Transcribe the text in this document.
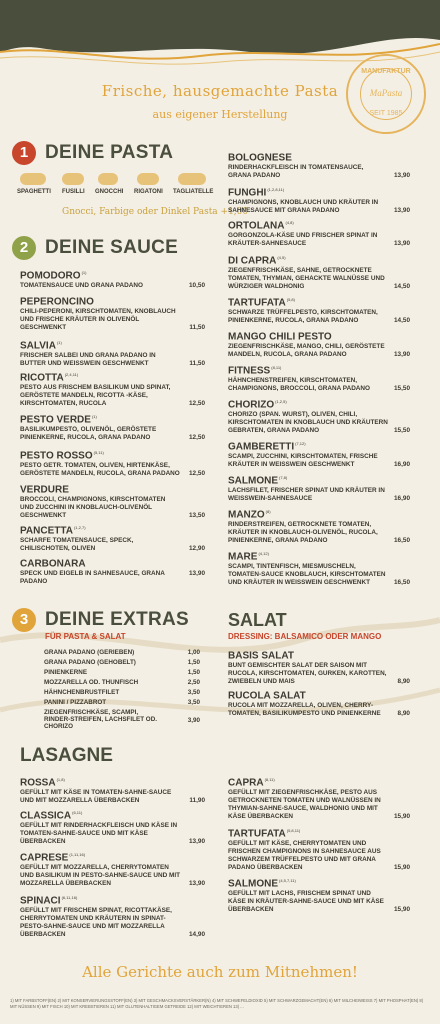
MANUFAKTUR
MaPasta
SEIT 1985
Frische, hausgemachte Pasta
aus eigener Herstellung
1 DEINE PASTA
SPAGHETTI FUSILLI GNOCCHI RIGATONI TAGLIATELLE
Gnocci, Farbige oder Dinkel Pasta +1,00
2 DEINE SAUCE
POMODORO$^{(1)}$
TOMATENSAUCE UND GRANA PADANO	10,50
PEPERONCINO
CHILI-PEPERONI, KIRSCHTOMATEN, KNOBLAUCH UND FRISCHE KRÄUTER IN OLIVENÖL GESCHWENKT	11,50
SALVIA$^{(1)}$
FRISCHER SALBEI UND GRANA PADANO IN BUTTER UND WEISSWEIN GESCHWENKT	11,50
RICOTTA$^{(2,4,11)}$
PESTO AUS FRISCHEM BASILIKUM UND SPINAT, GERÖSTETE MANDELN, RICOTTA -KÄSE, KIRSCHTOMATEN, RUCOLA	12,50
PESTO VERDE$^{(1)}$
BASILIKUMPESTO, OLIVENÖL, GERÖSTETE PINIENKERNE, RUCOLA, GRANA PADANO	12,50
PESTO ROSSO$^{(5,11)}$
PESTO GETR. TOMATEN, OLIVEN, HIRTENKÄSE, GERÖSTETE MANDELN, RUCOLA, GRANA PADANO 12,50
VERDURE
BROCCOLI, CHAMPIGNONS, KIRSCHTOMATEN UND ZUCCHINI IN KNOBLAUCH-OLIVENÖL GESCHWENKT	13,50
PANCETTA$^{(1,2,7)}$
SCHARFE TOMATENSAUCE, SPECK, CHILISCHOTEN, OLIVEN	12,90
CARBONARA
SPECK UND EIGELB IN SAHNESAUCE, GRANA PADANO
13,90
BOLOGNESE
RINDERHACKFLEISCH IN TOMATENSAUCE, GRANA PADANO	13,90
FUNGHI$^{(1,2,8,11)}$
CHAMPIGNONS, KNOBLAUCH UND KRÄUTER IN SAHNESAUCE MIT GRANA PADANO	13,90
ORTOLANA$^{(4,8)}$
GORGONZOLA-KÄSE UND FRISCHER SPINAT IN KRÄUTER-SAHNESAUCE	13,90
DI CAPRA$^{(4,5)}$
ZIEGENFRISCHKÄSE, SAHNE, GETROCKNETE TOMATEN, THYMIAN, GEHACKTE WALNÜSSE UND WÜRZIGER WALDHONIG	14,50
TARTUFATA$^{(5,8)}$
SCHWARZE TRÜFFELPESTO, KIRSCHTOMATEN, PINIENKERNE, RUCOLA, GRANA PADANO	14,50
MANGO CHILI PESTO
ZIEGENFRISCHKÄSE, MANGO, CHILI, GERÖSTETE MANDELN, RUCOLA, GRANA PADANO	13,90
FITNESS$^{(8,11)}$
HÄHNCHENSTREIFEN, KIRSCHTOMATEN, CHAMPIGNONS, BROCCOLI, GRANA PADANO	15,50
CHORIZO$^{(1,2,5)}$
CHORIZO (SPAN. WURST), OLIVEN, CHILI, KIRSCHTOMATEN IN KNOBLAUCH UND KRÄUTERN GEBRATEN, GRANA PADANO	15,50
GAMBERETTI$^{(7,12)}$
SCAMPI, ZUCCHINI, KIRSCHTOMATEN, FRISCHE KRÄUTER IN WEISSWEIN GESCHWENKT	16,90
SALMONE$^{(7,8)}$
LACHSFILET, FRISCHER SPINAT UND KRÄUTER IN WEISSWEIN-SAHNESAUCE	16,90
MANZO$^{(8)}$
RINDERSTREIFEN, GETROCKNETE TOMATEN, KRÄUTER IN KNOBLAUCH-OLIVENÖL, RUCOLA, PINIENKERNE, GRANA PADANO	16,50
MARE$^{(4,12)}$
SCAMPI, TINTENFISCH, MIESMUSCHELN, TOMATEN-SAUCE KNOBLAUCH, KIRSCHTOMATEN UND KRÄUTER IN WEISSWEIN GESCHWENKT	16,50
3 DEINE EXTRAS
FÜR PASTA & SALAT
GRANA PADANO (GERIEBEN)	1,00
GRANA PADANO (GEHOBELT)	1,50
PINIENKERNE	1,50
MOZZARELLA OD. THUNFISCH	2,50
HÄHNCHENBRUSTFILET	3,50
PANINI / PIZZABROT	3,50
ZIEGENFRISCHKÄSE, SCAMPI, RINDER-STREIFEN, LACHSFILET OD. CHORIZO
3,90
SALAT
DRESSING: BALSAMICO ODER MANGO
BASIS SALAT
BUNT GEMISCHTER SALAT DER SAISON MIT RUCOLA, KIRSCHTOMATEN, GURKEN, KAROTTEN, ZWIEBELN UND MAIS	8,90
RUCOLA SALAT
RUCOLA MIT MOZZARELLA, OLIVEN, CHERRY-TOMATEN, BASILIKUMPESTO UND PINIENKERNE	8,90
LASAGNE
ROSSA$^{(1,8)}$
GEFÜLLT MIT KÄSE IN TOMATEN-SAHNE-SAUCE UND MIT MOZZARELLA ÜBERBACKEN	11,90
CLASSICA$^{(6,11)}$
GEFÜLLT MIT RINDERHACKFLEISCH UND KÄSE IN TOMATEN-SAHNE-SAUCE UND MIT KÄSE ÜBERBACKEN	13,90
CAPRESE$^{(1,11,16)}$
GEFÜLLT MIT MOZZARELLA, CHERRYTOMATEN UND BASILIKUM IN PESTO-SAHNE-SAUCE UND MIT MOZZARELLA ÜBERBACKEN	13,90
SPINACI$^{(6,11,16)}$
GEFÜLLT MIT FRISCHEM SPINAT, RICOTTAKÄSE, CHERRYTOMATEN UND KRÄUTERN IN SPINAT-PESTO-SAHNE-SAUCE UND MIT MOZZARELLA ÜBERBACKEN	14,90
CAPRA$^{(8,11)}$
GEFÜLLT MIT ZIEGENFRISCHKÄSE, PESTO AUS GETROCKNETEN TOMATEN UND WALNÜSSEN IN THYMIAN-SAHNE-SAUCE, WALDHONIG UND MIT KÄSE ÜBERBACKEN	15,90
TARTUFATA$^{(5,8,11)}$
GEFÜLLT MIT KÄSE, CHERRYTOMATEN UND FRISCHEN CHAMPIGNONS IN SAHNESAUCE AUS SCHWARZEM TRÜFFELPESTO UND MIT GRANA PADANO ÜBERBACKEN	15,90
SALMONE$^{(4,5,7,11)}$
GEFÜLLT MIT LACHS, FRISCHEM SPINAT UND KÄSE IN KRÄUTER-SAHNE-SAUCE UND MIT KÄSE ÜBERBACKEN	15,90
Alle Gerichte auch zum Mitnehmen!
1) MIT FARBSTOFF(EN) 2) MIT KONSERVIERUNGSSTOFF(EN) 3) MIT GESCHMACKSVERSTÄRKER(N) 4) MIT SCHWEFELDIOXID 5) MIT SCHWARZGEMACHT(EN) 6) MIT MILCHEIWEISS 7) MIT PHOSPHAT(EN) 8) MIT NÜSSEN 9) MIT FISCH 10) MIT KREBSTIEREN 11) MIT GLUTENHALTIGEM GETREIDE 12) MIT WEICHTIEREN 13) ...
